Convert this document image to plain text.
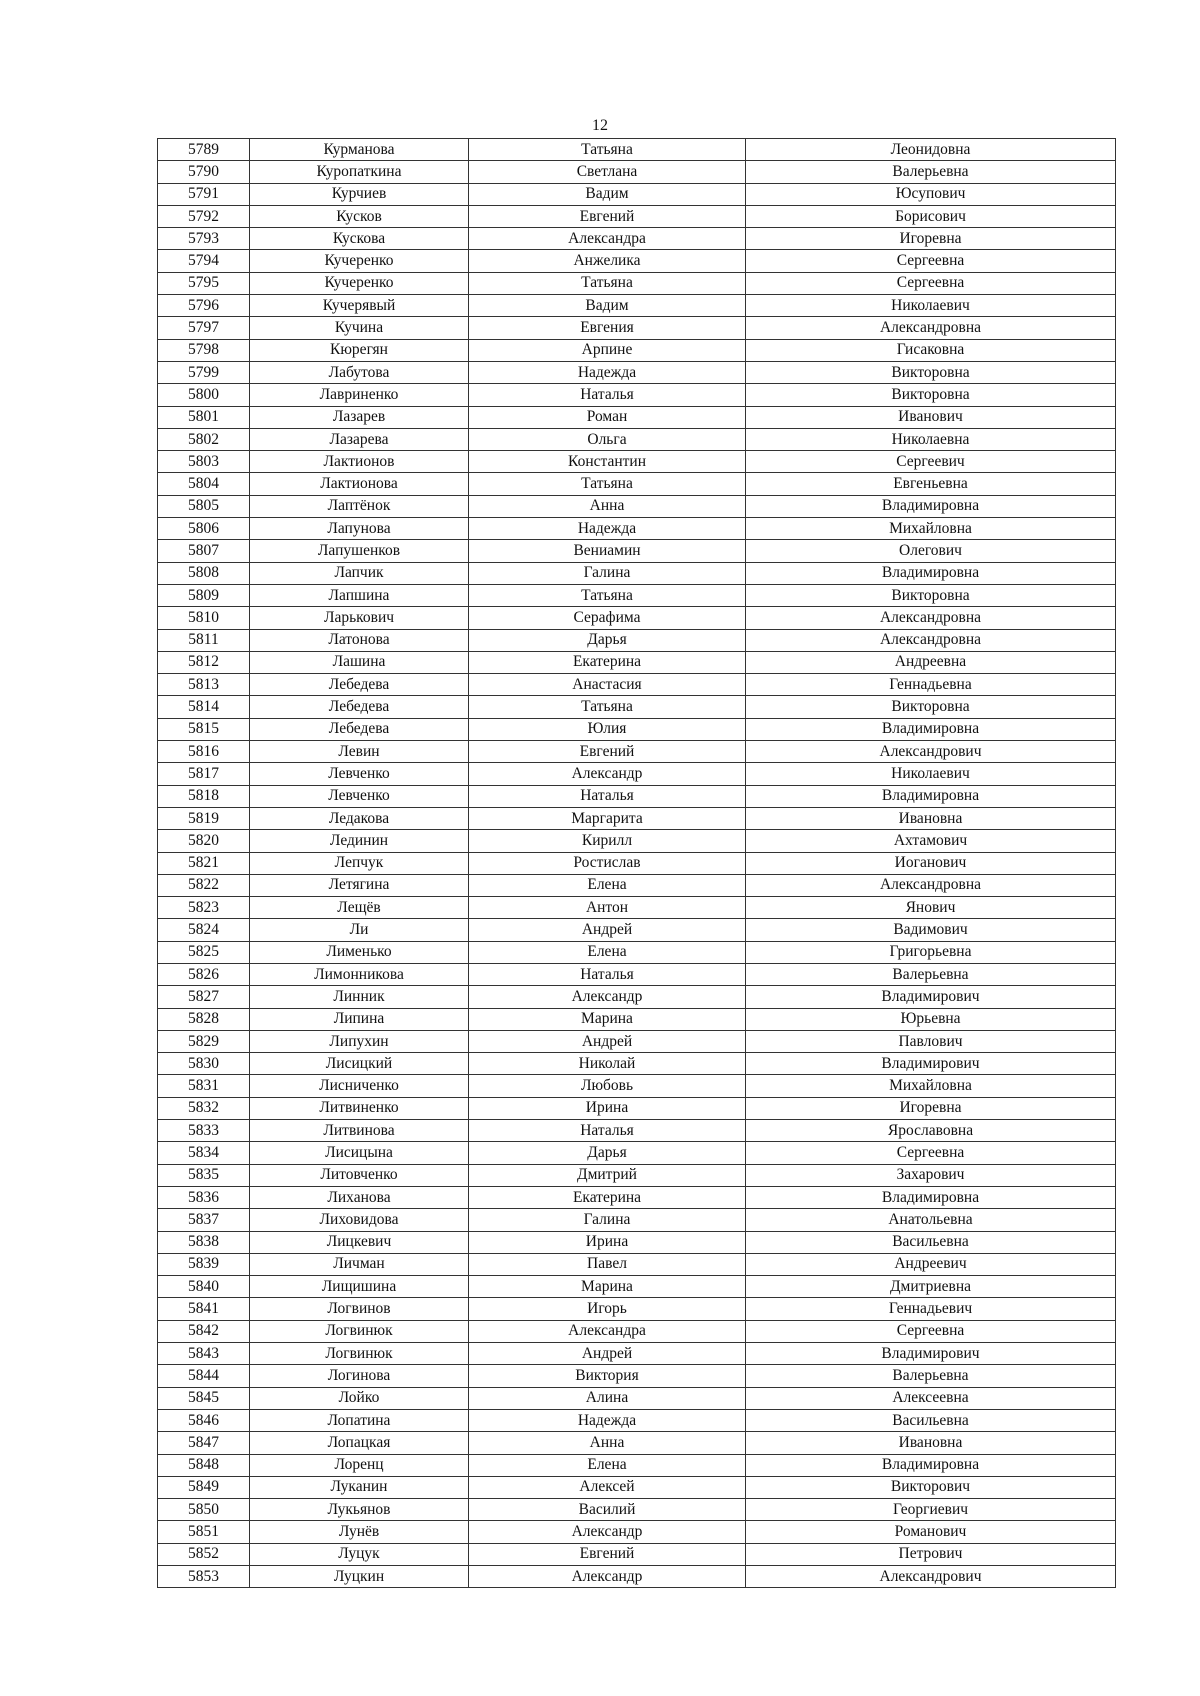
12
5789	Курманова	Татьяна	Леонидовна
5790	Куропаткина	Светлана	Валерьевна
5791	Курчиев	Вадим	Юсупович
5792	Кусков	Евгений	Борисович
5793	Кускова	Александра	Игоревна
5794	Кучеренко	Анжелика	Сергеевна
5795	Кучеренко	Татьяна	Сергеевна
5796	Кучерявый	Вадим	Николаевич
5797	Кучина	Евгения	Александровна
5798	Кюрегян	Арпине	Гисаковна
5799	Лабутова	Надежда	Викторовна
5800	Лавриненко	Наталья	Викторовна
5801	Лазарев	Роман	Иванович
5802	Лазарева	Ольга	Николаевна
5803	Лактионов	Константин	Сергеевич
5804	Лактионова	Татьяна	Евгеньевна
5805	Лаптёнок	Анна	Владимировна
5806	Лапунова	Надежда	Михайловна
5807	Лапушенков	Вениамин	Олегович
5808	Лапчик	Галина	Владимировна
5809	Лапшина	Татьяна	Викторовна
5810	Ларькович	Серафима	Александровна
5811	Латонова	Дарья	Александровна
5812	Лашина	Екатерина	Андреевна
5813	Лебедева	Анастасия	Геннадьевна
5814	Лебедева	Татьяна	Викторовна
5815	Лебедева	Юлия	Владимировна
5816	Левин	Евгений	Александрович
5817	Левченко	Александр	Николаевич
5818	Левченко	Наталья	Владимировна
5819	Ледакова	Маргарита	Ивановна
5820	Лединин	Кирилл	Ахтамович
5821	Лепчук	Ростислав	Иоганович
5822	Летягина	Елена	Александровна
5823	Лещёв	Антон	Янович
5824	Ли	Андрей	Вадимович
5825	Лименько	Елена	Григорьевна
5826	Лимонникова	Наталья	Валерьевна
5827	Линник	Александр	Владимирович
5828	Липина	Марина	Юрьевна
5829	Липухин	Андрей	Павлович
5830	Лисицкий	Николай	Владимирович
5831	Лисниченко	Любовь	Михайловна
5832	Литвиненко	Ирина	Игоревна
5833	Литвинова	Наталья	Ярославовна
5834	Лисицына	Дарья	Сергеевна
5835	Литовченко	Дмитрий	Захарович
5836	Лиханова	Екатерина	Владимировна
5837	Лиховидова	Галина	Анатольевна
5838	Лицкевич	Ирина	Васильевна
5839	Личман	Павел	Андреевич
5840	Лищишина	Марина	Дмитриевна
5841	Логвинов	Игорь	Геннадьевич
5842	Логвинюк	Александра	Сергеевна
5843	Логвинюк	Андрей	Владимирович
5844	Логинова	Виктория	Валерьевна
5845	Лойко	Алина	Алексеевна
5846	Лопатина	Надежда	Васильевна
5847	Лопацкая	Анна	Ивановна
5848	Лоренц	Елена	Владимировна
5849	Луканин	Алексей	Викторович
5850	Лукьянов	Василий	Георгиевич
5851	Лунёв	Александр	Романович
5852	Луцук	Евгений	Петрович
5853	Луцкин	Александр	Александрович
